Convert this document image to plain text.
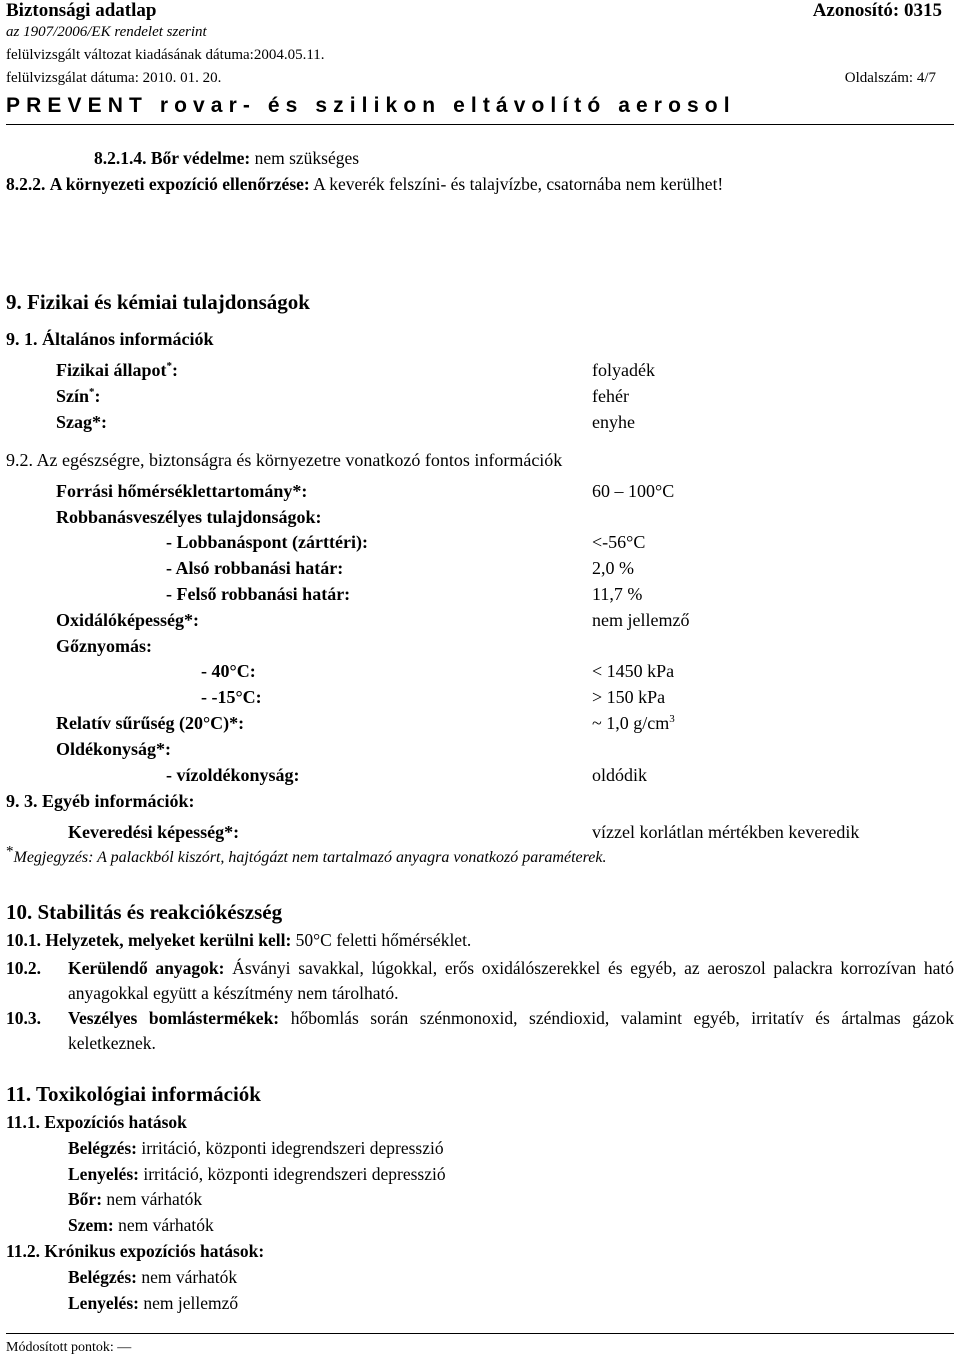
Biztonsági adatlap	Azonosító: 0315
az 1907/2006/EK rendelet szerint
felülvizsgált változat kiadásának dátuma:2004.05.11.
felülvizsgálat dátuma: 2010. 01. 20.	Oldalszám: 4/7
PREVENT rovar- és szilikon eltávolító aerosol
8.2.1.4. Bőr védelme: nem szükséges
8.2.2. A környezeti expozíció ellenőrzése: A keverék felszíni- és talajvízbe, csatornába nem kerülhet!
9. Fizikai és kémiai tulajdonságok
9. 1. Általános információk
Fizikai állapot*:	folyadék
Szín*:	fehér
Szag*:	enyhe
9.2. Az egészségre, biztonságra és környezetre vonatkozó fontos információk
Forrási hőmérséklettartomány*:	60 – 100°C
Robbanásveszélyes tulajdonságok:
- Lobbanáspont (zárttéri):	<-56°C
- Alsó robbanási határ:	2,0 %
- Felső robbanási határ:	11,7 %
Oxidálóképesség*:	nem jellemző
Gőznyomás:
- 40°C:	< 1450 kPa
- -15°C:	> 150 kPa
Relatív sűrűség (20°C)*:	~ 1,0 $g/cm^3$
Oldékonyság*:
- vízoldékonyság:	oldódik
9. 3. Egyéb információk:
Keveredési képesség*:	vízzel korlátlan mértékben keveredik
*Megjegyzés: A palackból kiszórt, hajtógázt nem tartalmazó anyagra vonatkozó paraméterek.
10. Stabilitás és reakciókészség
10.1. Helyzetek, melyeket kerülni kell: 50°C feletti hőmérséklet.
10.2. Kerülendő anyagok: Ásványi savakkal, lúgokkal, erős oxidálószerekkel és egyéb, az aeroszol palackra korrozívan ható anyagokkal együtt a készítmény nem tárolható.
10.3. Veszélyes bomlástermékek: hőbomlás során szénmonoxid, széndioxid, valamint egyéb, irritatív és ártalmas gázok keletkeznek.
11. Toxikológiai információk
11.1. Expozíciós hatások
Belégzés: irritáció, központi idegrendszeri depresszió
Lenyelés: irritáció, központi idegrendszeri depresszió
Bőr: nem várhatók
Szem: nem várhatók
11.2. Krónikus expozíciós hatások:
Belégzés: nem várhatók
Lenyelés: nem jellemző
Módosított pontok: —
